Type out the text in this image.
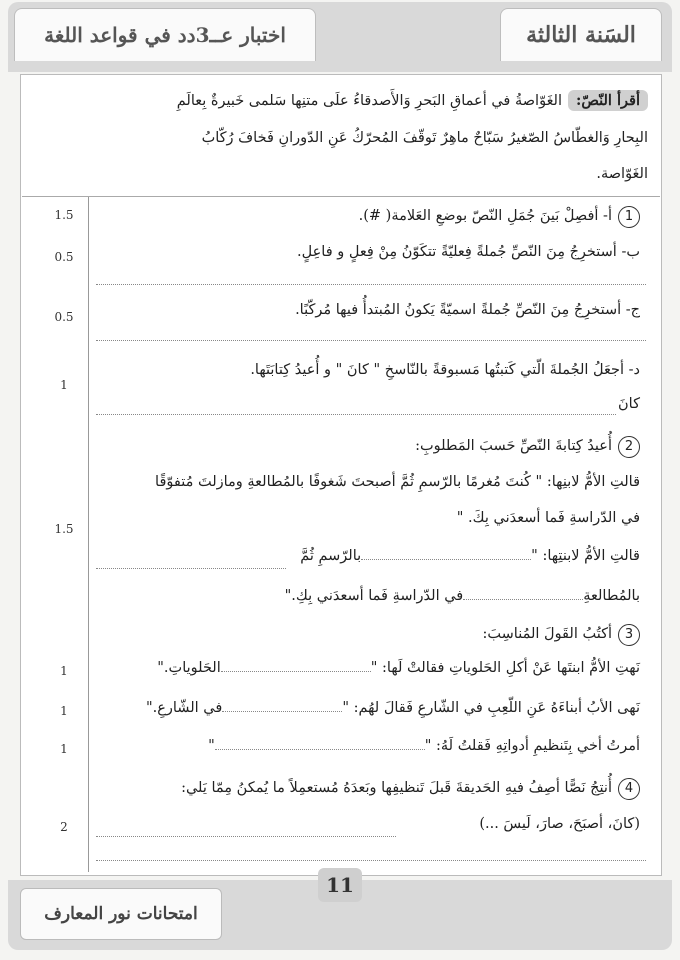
اختبار عــ3دد في قواعد اللغة	السَنة الثالثة
أقرأ النّصّ:الغَوّاصةُ في أعماقِ البَحرِ وَالأَصدقاءُ علَى متنِها سَلمى خَبيرةٌ بِعالَمِ
البِحارِ وَالغطّاسُ الصّغيرُ سَبّاحٌ ماهِرٌ تَوقّفَ المُحرّكُ عَنِ الدّورانِ فَخافَ رُكّابُ
الغَوّاصة.
1أ- أفصِلْ بَينَ جُمَلِ النّصّ بوضعِ العَلامة( #).
1.5
ب- أستخرِجُ مِنَ النّصِّ جُملةً فِعليّةً تتكَوّنُ مِنْ فِعلٍ و فاعِلٍ.
0.5
ج- أستخرِجُ مِنَ النّصِّ جُملةً اسميّةً يَكونُ المُبتدأُ فيها مُركّبًا.
0.5
د- أجعَلُ الجُملةَ الّتي كَتبتُها مَسبوقةً بالنّاسخِ " كانَ " و أُعيدُ كِتابَتَها.
1
كانَ
2أُعيدُ كِتابةَ النّصِّ حَسبَ المَطلوبِ:
قالتِ الأمُّ لابنِها: " كُنتَ مُغرمًا بالرّسمِ ثُمَّ أصبحتَ شَغوفًا بالمُطالعةِ ومازلتَ مُتفوّقًا
في الدّراسةِ فَما أسعدَني بِكَ. "
1.5
قالتِ الأمُّ لابنتِها: "بالرّسمِ ثُمَّ
بالمُطالعةِفي الدّراسةِ فَما أسعدَني بِكِ."
3أكتُبُ القَولَ المُناسِبَ:
نَهتِ الأمُّ ابنتَها عَنْ أكلِ الحَلوياتِ فقالتْ لَها: "الحَلوياتِ."
1
نَهى الأبُ أبناءَهُ عَنِ اللّعِبِ في الشّارعِ فَقالَ لهُم: "في الشّارعِ."
1
أمرتُ أخي بِتَنظيمِ أدواتِهِ فَقلتُ لَهُ: ""
1
4أُنتِجُ نَصًّا أصِفُ فيهِ الحَديقةَ قَبلَ تَنظيفِها وبَعدَهُ مُستعمِلاً ما يُمكنُ مِمّا يَلي:
(كانَ، أصبَحَ، صارَ، لَيسَ ...)
2
11
امتحانات نور المعارف
